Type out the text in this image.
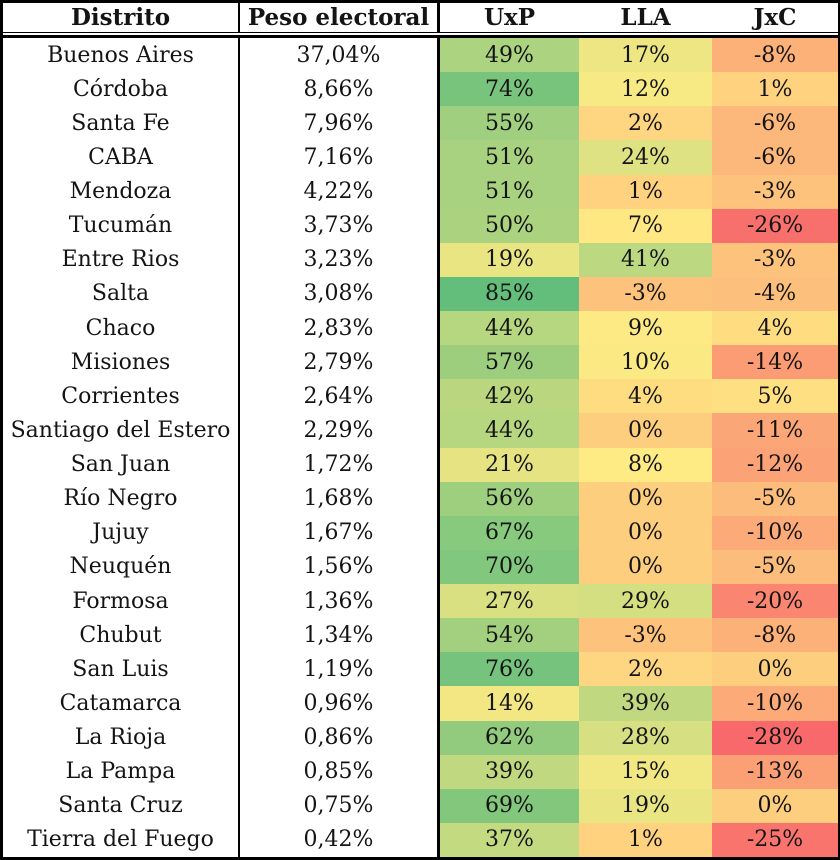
Distrito	Peso electoral	UxP	LLA	JxC
Buenos Aires	37,04%	49%	17%	-8%
Córdoba	8,66%	74%	12%	1%
Santa Fe	7,96%	55%	2%	-6%
CABA	7,16%	51%	24%	-6%
Mendoza	4,22%	51%	1%	-3%
Tucumán	3,73%	50%	7%	-26%
Entre Rios	3,23%	19%	41%	-3%
Salta	3,08%	85%	-3%	-4%
Chaco	2,83%	44%	9%	4%
Misiones	2,79%	57%	10%	-14%
Corrientes	2,64%	42%	4%	5%
Santiago del Estero	2,29%	44%	0%	-11%
San Juan	1,72%	21%	8%	-12%
Río Negro	1,68%	56%	0%	-5%
Jujuy	1,67%	67%	0%	-10%
Neuquén	1,56%	70%	0%	-5%
Formosa	1,36%	27%	29%	-20%
Chubut	1,34%	54%	-3%	-8%
San Luis	1,19%	76%	2%	0%
Catamarca	0,96%	14%	39%	-10%
La Rioja	0,86%	62%	28%	-28%
La Pampa	0,85%	39%	15%	-13%
Santa Cruz	0,75%	69%	19%	0%
Tierra del Fuego	0,42%	37%	1%	-25%
